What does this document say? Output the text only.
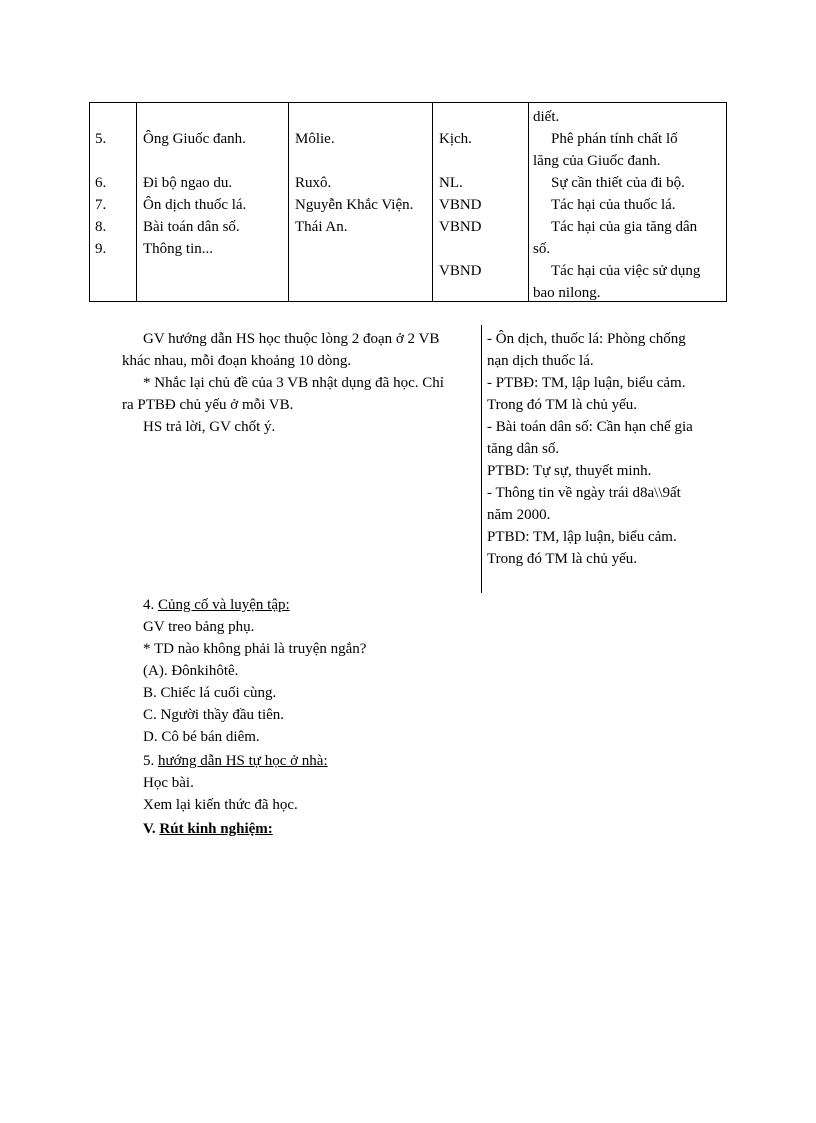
5.
6.
7.
8.
9.
Ông Giuốc đanh.
Đi bộ ngao du.
Ôn dịch thuốc lá.
Bài toán dân số.
Thông tin...
Môlie.
Ruxô.
Nguyễn Khắc Viện.
Thái An.
Kịch.
NL.
VBND
VBND
VBND
diết.
Phê phán tính chất lố
lăng của Giuốc đanh.
Sự cần thiết của đi bộ.
Tác hại của thuốc lá.
Tác hại của gia tăng dân
số.
Tác hại của việc sử dụng
bao nilong.
GV hướng dẫn HS học thuộc lòng 2 đoạn ở 2 VB
khác nhau, mỗi đoạn khoảng 10 dòng.
* Nhắc lại chủ đề của 3 VB nhật dụng đã học. Chỉ
ra PTBĐ chủ yếu ở mỗi VB.
HS trả lời, GV chốt ý.
- Ôn dịch, thuốc lá: Phòng chống
nạn dịch thuốc lá.
- PTBĐ: TM, lập luận, biểu cảm.
Trong đó TM là chủ yếu.
- Bài toán dân số: Cần hạn chế gia
tăng dân số.
PTBD: Tự sự, thuyết minh.
- Thông tin về ngày trái d8a\\9ất
năm 2000.
PTBD: TM, lập luận, biểu cảm.
Trong đó TM là chủ yếu.
4. Củng cố và luyện tập:
GV treo bảng phụ.
* TD nào không phải là truyện ngắn?
(A). Đônkihôtê.
B. Chiếc lá cuối cùng.
C. Người thầy đầu tiên.
D. Cô bé bán diêm.
5. hướng dẫn HS tự học ở nhà:
Học bài.
Xem lại kiến thức đã học.
V. Rút kinh nghiệm:
